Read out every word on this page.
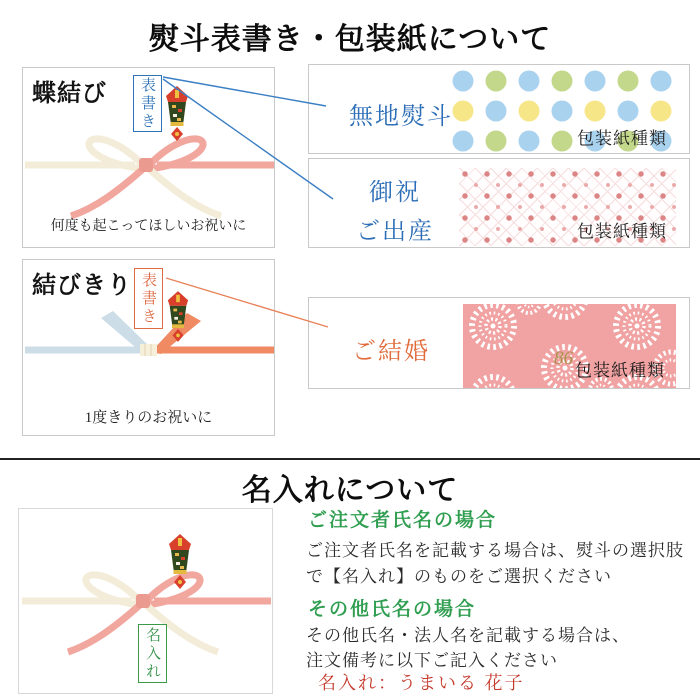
熨斗表書き・包装紙について
蝶結び	表書き
何度も起こってほしいお祝いに
結びきり 表書き
1度きりのお祝いに
無地熨斗
包装紙種類
御祝
ご出産	包装紙種類
ご結婚	86
包装紙種類
名入れについて
名入れ
ご注文者氏名の場合
ご注文者氏名を記載する場合は、熨斗の選択肢
で【名入れ】のものをご選択ください
その他氏名の場合
その他氏名・法人名を記載する場合は、
注文備考に以下ご記入ください
名入れ：うまいる 花子
